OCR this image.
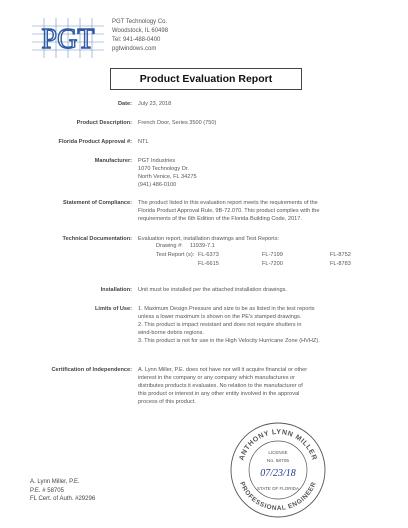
PGT
PGT Technology Co.
Woodstock, IL 60498
Tel: 941-488-0400
pgtwindows.com
Product Evaluation Report
Date: July 23, 2018
Product Description: French Door, Series 3500 (750)
Florida Product Approval #: NTL
Manufacturer: PGT Industries
1070 Technology Dr.
North Venice, FL 34275
(941) 486-0100
Statement of Compliance: The product listed in this evaluation report meets the requirements of the
Florida Product Approval Rule, 9B-72.070. This product complies with the
requirements of the 6th Edition of the Florida Building Code, 2017.
Technical Documentation: Evaluation report, installation drawings and Test Reports:
Drawing #: 11939-7.1
Test Report (s): FL-6373	FL-7199	FL-8752
FL-6615	FL-7200	FL-8783
Installation: Unit must be installed per the attached installation drawings.
Limits of Use: 1. Maximum Design Pressure and size to be as listed in the test reports
unless a lower maximum is shown on the PE's stamped drawings.
2. This product is impact resistant and does not require shutters in
wind-borne debris regions.
3. This product is not for use in the High Velocity Hurricane Zone (HVHZ).
Certification of Independence: A. Lynn Miller, P.E. does not have nor will it acquire financial or other
interest in the company or any company which manufactures or
distributes products it evaluates. No relation to the manufacturer of
this product or interest in any other entity involved in the approval
process of this product.
ANTHONY LYNN MILLER
PROFESSIONAL ENGINEER
LICENSE
No. 58705
07/23/18
STATE OF FLORIDA
A. Lynn Miller, P.E.
P.E. # 58705
FL Cert. of Auth. #29296
